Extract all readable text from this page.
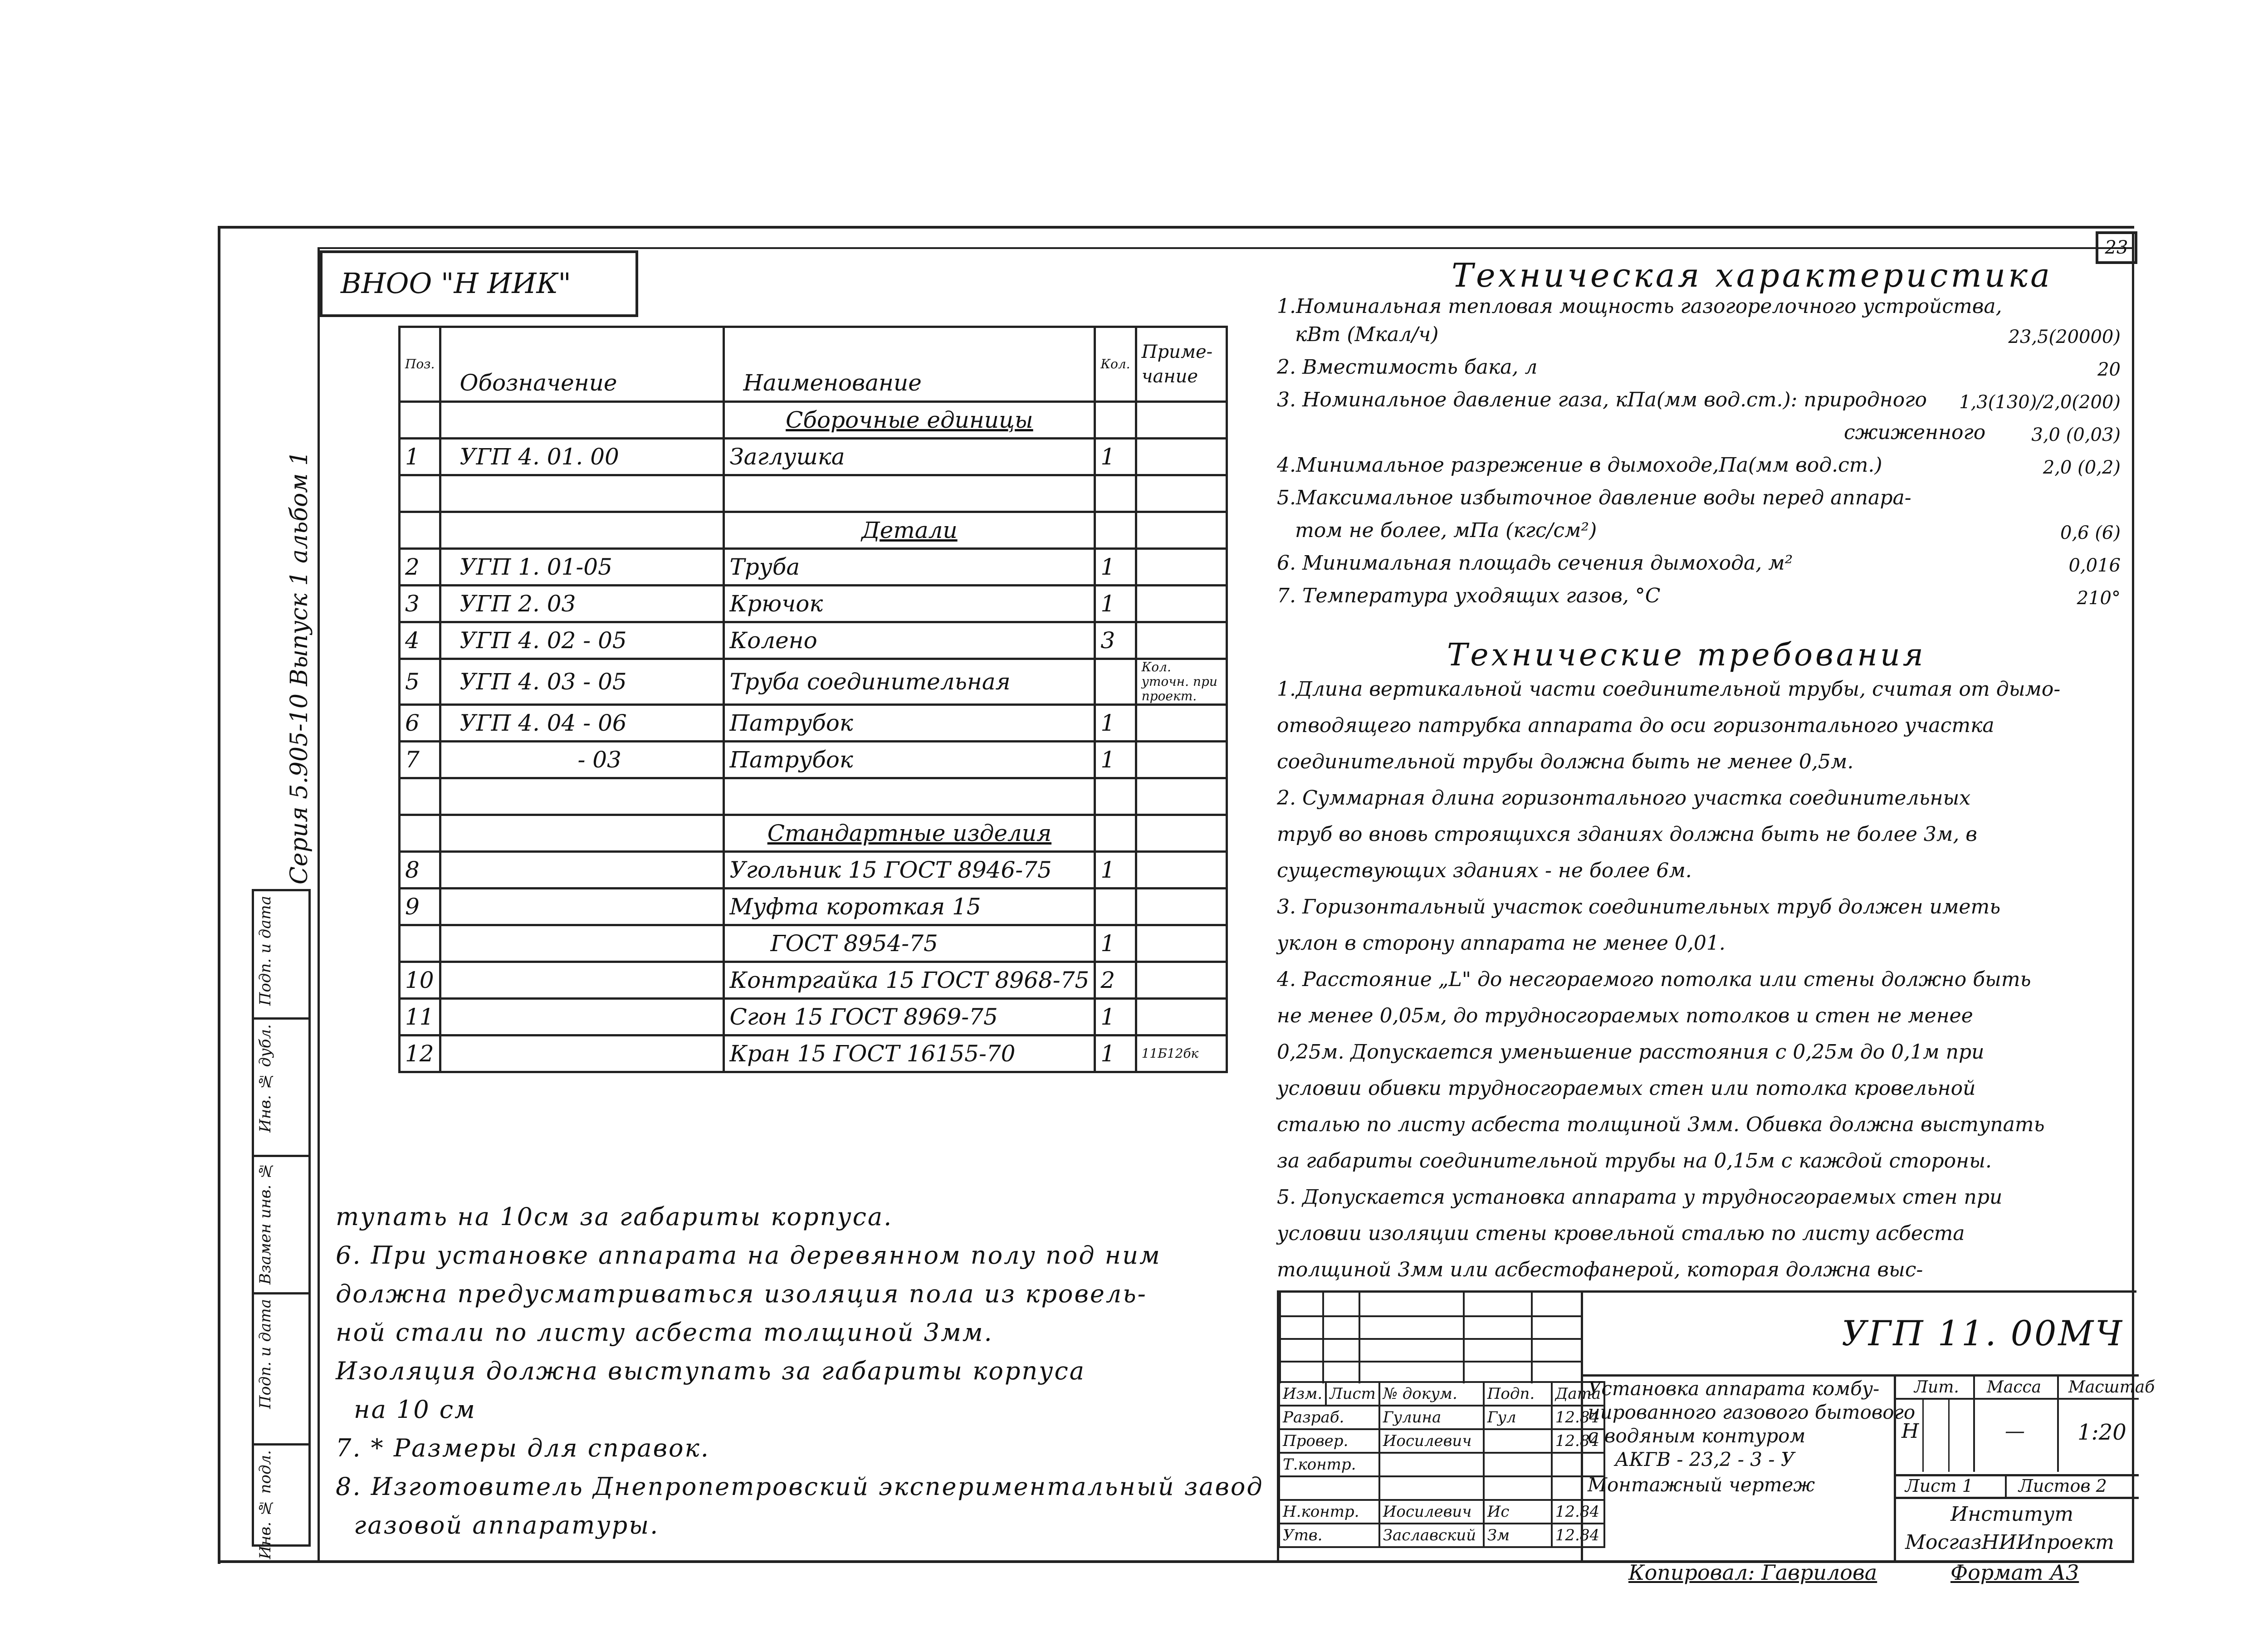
23
ВНОО "Н ИИК"
Серия 5.905-10 Выпуск 1 альбом 1
Поз.	Обозначение	Наименование	Кол.	Приме-чание
		Сборочные единицы		
1	УГП 4. 01. 00	Заглушка	1	

		Детали		
2	УГП 1. 01-05	Труба	1	
3	УГП 2. 03	Крючок	1	
4	УГП 4. 02 - 05	Колено	3	
5	УГП 4. 03 - 05	Труба соединительная		Кол. уточн. при проект.
6	УГП 4. 04 - 06	Патрубок	1	
7	- 03	Патрубок	1	

		Стандартные изделия		
8		Угольник 15 ГОСТ 8946-75	1	
9		Муфта короткая 15		
		ГОСТ 8954-75	1	
10		Контргайка 15 ГОСТ 8968-75	2	
11		Сгон 15 ГОСТ 8969-75	1	
12		Кран 15 ГОСТ 16155-70	1	11Б12бк
Техническая характеристика
1.Номинальная тепловая мощность газогорелочного устройства,
кВт (Мкал/ч)	23,5(20000)
2. Вместимость бака, л	20
3. Номинальное давление газа, кПа(мм вод.ст.): природного 1,3(130)/2,0(200)
сжиженного	3,0 (0,03)
4.Минимальное разрежение в дымоходе,Па(мм вод.ст.)	2,0 (0,2)
5.Максимальное избыточное давление воды перед аппара-
том не более, мПа (кгс/см²)	0,6 (6)
6. Минимальная площадь сечения дымохода, м²	0,016
7. Температура уходящих газов, °С	210°
Технические требования
1.Длина вертикальной части соединительной трубы, считая от дымо-
отводящего патрубка аппарата до оси горизонтального участка
соединительной трубы должна быть не менее 0,5м.
2. Суммарная длина горизонтального участка соединительных
труб во вновь строящихся зданиях должна быть не более 3м, в
существующих зданиях - не более 6м.
3. Горизонтальный участок соединительных труб должен иметь
уклон в сторону аппарата не менее 0,01.
4. Расстояние „L" до несгораемого потолка или стены должно быть
не менее 0,05м, до трудносгораемых потолков и стен не менее
0,25м. Допускается уменьшение расстояния с 0,25м до 0,1м при
условии обивки трудносгораемых стен или потолка кровельной
сталью по листу асбеста толщиной 3мм. Обивка должна выступать
за габариты соединительной трубы на 0,15м с каждой стороны.
5. Допускается установка аппарата у трудносгораемых стен при
условии изоляции стены кровельной сталью по листу асбеста
толщиной 3мм или асбестофанерой, которая должна выс-
тупать на 10см за габариты корпуса.
6. При установке аппарата на деревянном полу под ним
должна предусматриваться изоляция пола из кровель-
ной стали по листу асбеста толщиной 3мм.
Изоляция должна выступать за габариты корпуса
на 10 см
7. * Размеры для справок.
8. Изготовитель Днепропетровский экспериментальный завод
газовой аппаратуры.
Инв. № подл.
Подп. и дата
Взамен инв. №
Инв. № дубл.
Подп. и дата
УГП 11. 00МЧ
Изм.	Лист	№ докум.	Подп.	Дата
Разраб.		Гулина	Гул	12.84
Провер.		Иосилевич		12.84
Т.контр.				

Н.контр.		Иосилевич	Ис	12.84
Утв.		Заславский	Зм	12.84
Установка аппарата комбу-
нированного газового бытового
с водяным контуром
АКГВ - 23,2 - 3 - У
Монтажный чертеж
Лит. Масса Масштаб
Н	— 1:20
Лист 1	Листов 2
Институт
МосгазНИИпроект
Копировал: Гаврилова	Формат А3
